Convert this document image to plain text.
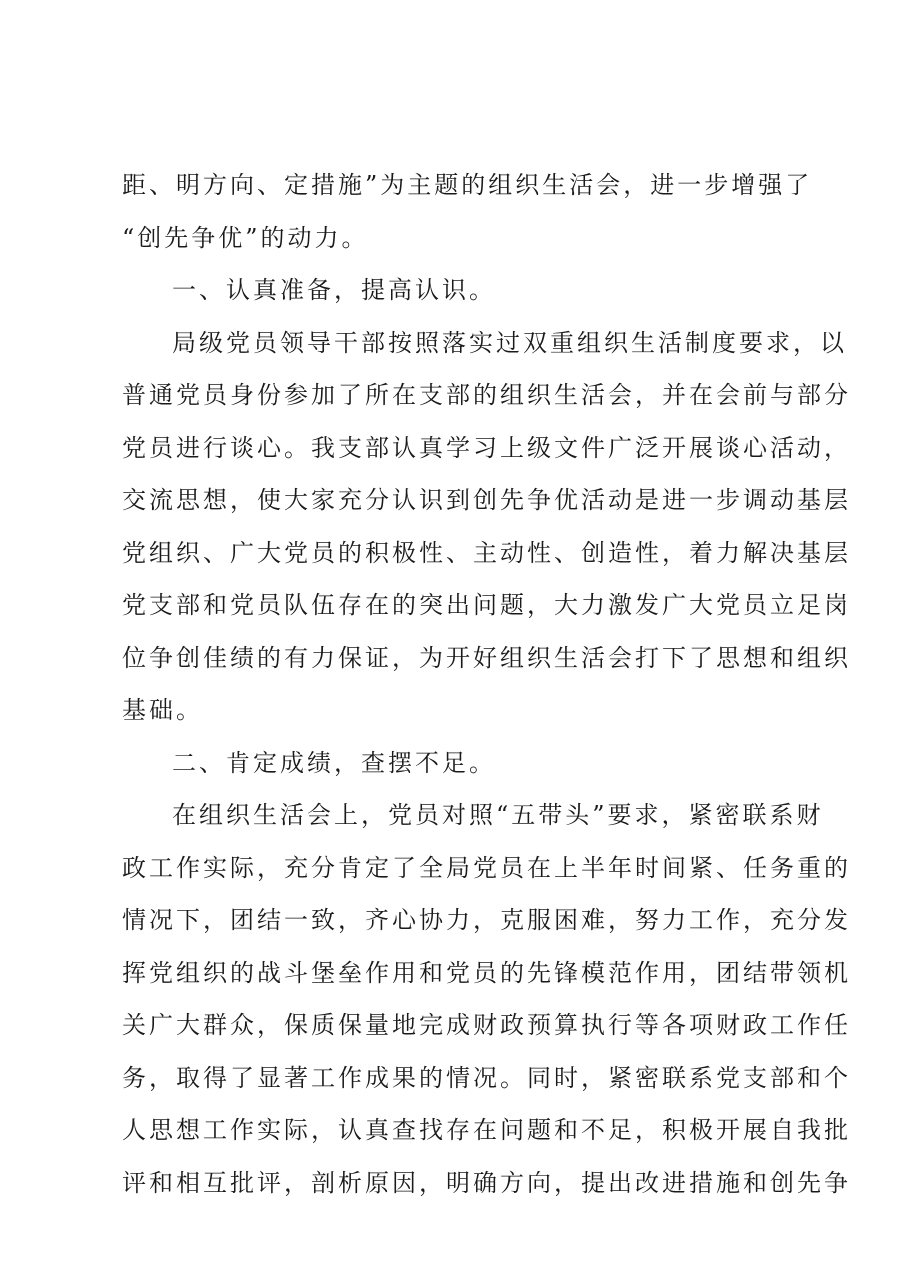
距、明方向、定措施”为主题的组织生活会，进一步增强了
“创先争优”的动力。
一、认真准备，提高认识。
局级党员领导干部按照落实过双重组织生活制度要求，以
普通党员身份参加了所在支部的组织生活会，并在会前与部分
党员进行谈心。我支部认真学习上级文件广泛开展谈心活动，
交流思想，使大家充分认识到创先争优活动是进一步调动基层
党组织、广大党员的积极性、主动性、创造性，着力解决基层
党支部和党员队伍存在的突出问题，大力激发广大党员立足岗
位争创佳绩的有力保证，为开好组织生活会打下了思想和组织
基础。
二、肯定成绩，查摆不足。
在组织生活会上，党员对照“五带头”要求，紧密联系财
政工作实际，充分肯定了全局党员在上半年时间紧、任务重的
情况下，团结一致，齐心协力，克服困难，努力工作，充分发
挥党组织的战斗堡垒作用和党员的先锋模范作用，团结带领机
关广大群众，保质保量地完成财政预算执行等各项财政工作任
务，取得了显著工作成果的情况。同时，紧密联系党支部和个
人思想工作实际，认真查找存在问题和不足，积极开展自我批
评和相互批评，剖析原因，明确方向，提出改进措施和创先争
